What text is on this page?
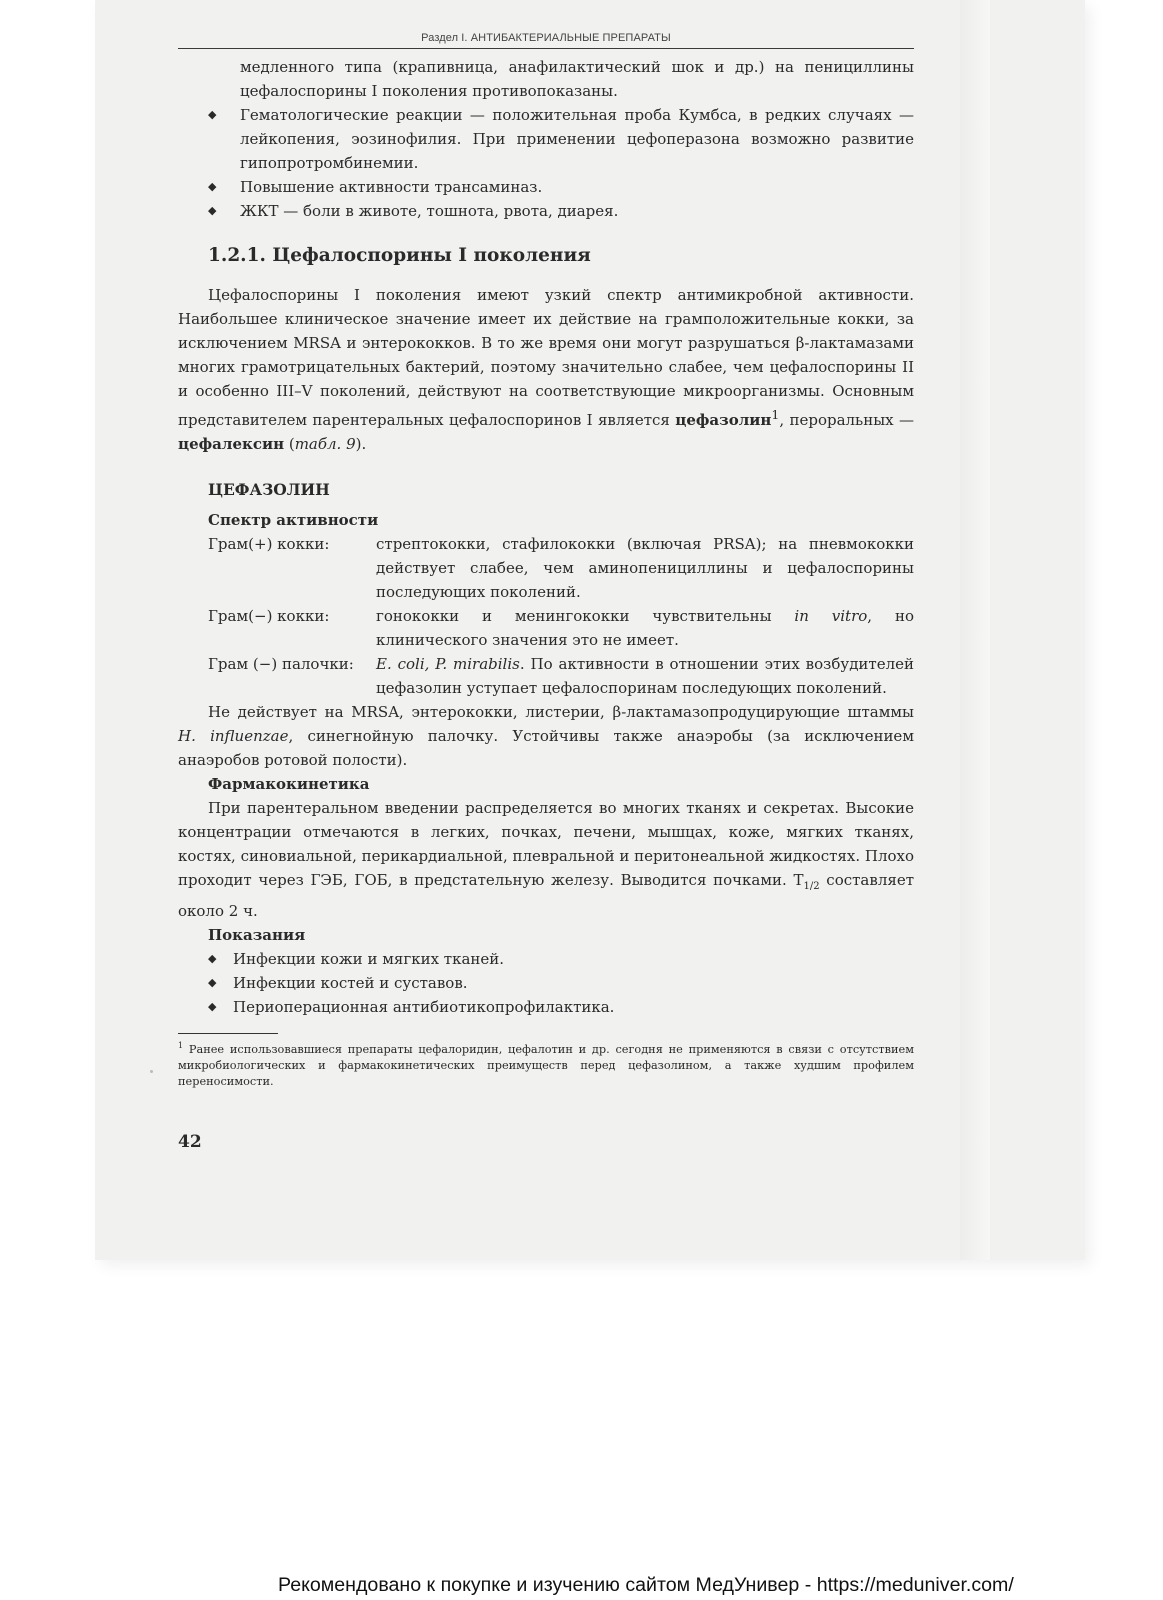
Раздел I. АНТИБАКТЕРИАЛЬНЫЕ ПРЕПАРАТЫ

медленного типа (крапивница, анафилактический шок и др.) на пенициллины цефалоспорины I поколения противопоказаны.

◆ Гематологические реакции — положительная проба Кумбса, в редких случаях — лейкопения, эозинофилия. При применении цефоперазона возможно развитие гипопротромбинемии.
◆ Повышение активности трансаминаз.
◆ ЖКТ — боли в животе, тошнота, рвота, диарея.
1.2.1. Цефалоспорины I поколения

Цефалоспорины I поколения имеют узкий спектр антимикробной активности. Наибольшее клиническое значение имеет их действие на грамположительные кокки, за исключением MRSA и энтерококков. В то же время они могут разрушаться β-лактамазами многих грамотрицательных бактерий, поэтому значительно слабее, чем цефалоспорины II и особенно III–V поколений, действуют на соответствующие микроорганизмы. Основным представителем парентеральных цефалоспоринов I является цефазолин$^1$, пероральных — цефалексин (табл. 9).

ЦЕФАЗОЛИН
Спектр активности
Грам(+) кокки:	стрептококки, стафилококки (включая PRSA); на пневмококки действует слабее, чем аминопенициллины и цефалоспорины последующих поколений.
Грам(−) кокки:	гонококки и менингококки чувствительны in vitro, но клинического значения это не имеет.
Грам (−) палочки:	E. coli, P. mirabilis. По активности в отношении этих возбудителей цефазолин уступает цефалоспоринам последующих поколений.

Не действует на MRSA, энтерококки, листерии, β-лактамазопродуцирующие штаммы H. influenzae, синегнойную палочку. Устойчивы также анаэробы (за исключением анаэробов ротовой полости).

Фармакокинетика

При парентеральном введении распределяется во многих тканях и секретах. Высокие концентрации отмечаются в легких, почках, печени, мышцах, коже, мягких тканях, костях, синовиальной, перикардиальной, плевральной и перитонеальной жидкостях. Плохо проходит через ГЭБ, ГОБ, в предстательную железу. Выводится почками. $T_{1/2}$ составляет около 2 ч.

Показания
◆ Инфекции кожи и мягких тканей.
◆ Инфекции костей и суставов.
◆ Периоперационная антибиотикопрофилактика.

$^1$ Ранее использовавшиеся препараты цефалоридин, цефалотин и др. сегодня не применяются в связи с отсутствием микробиологических и фармакокинетических преимуществ перед цефазолином, а также худшим профилем переносимости.

42
Рекомендовано к покупке и изучению сайтом МедУнивер - https://meduniver.com/
